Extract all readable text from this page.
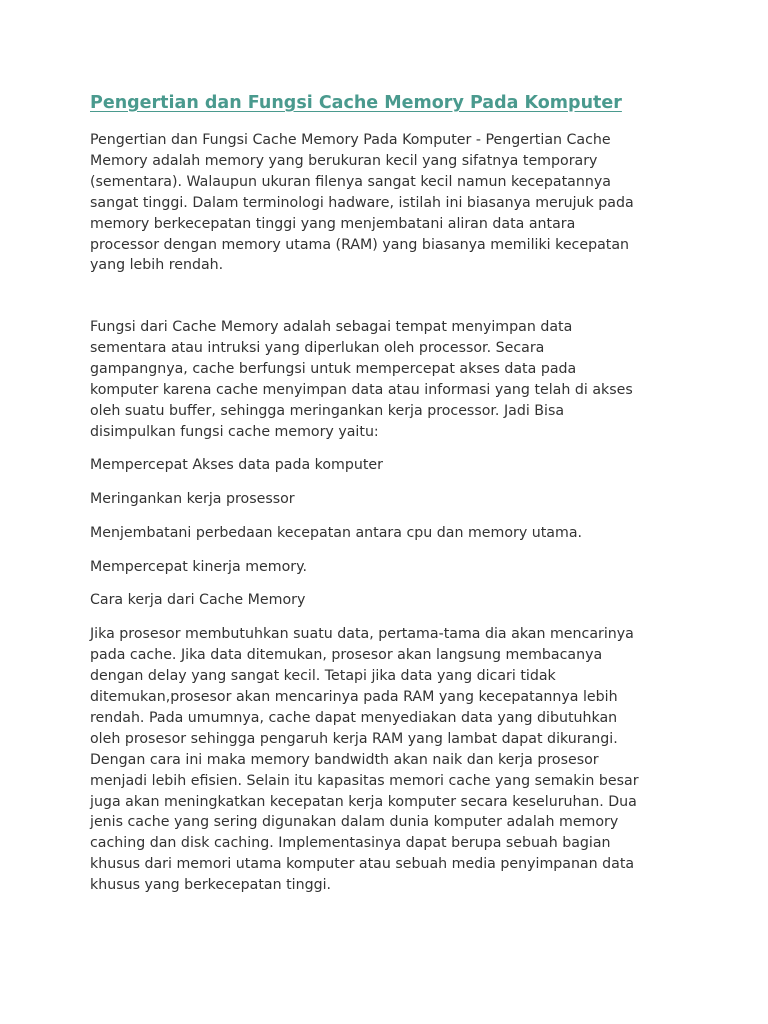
Pengertian dan Fungsi Cache Memory Pada Komputer
Pengertian dan Fungsi Cache Memory Pada Komputer - Pengertian Cache
Memory adalah memory yang berukuran kecil yang sifatnya temporary
(sementara). Walaupun ukuran filenya sangat kecil namun kecepatannya
sangat tinggi. Dalam terminologi hadware, istilah ini biasanya merujuk pada
memory berkecepatan tinggi yang menjembatani aliran data antara
processor dengan memory utama (RAM) yang biasanya memiliki kecepatan
yang lebih rendah.
Fungsi dari Cache Memory adalah sebagai tempat menyimpan data
sementara atau intruksi yang diperlukan oleh processor. Secara
gampangnya, cache berfungsi untuk mempercepat akses data pada
komputer karena cache menyimpan data atau informasi yang telah di akses
oleh suatu buffer, sehingga meringankan kerja processor. Jadi Bisa
disimpulkan fungsi cache memory yaitu:
Mempercepat Akses data pada komputer
Meringankan kerja prosessor
Menjembatani perbedaan kecepatan antara cpu dan memory utama.
Mempercepat kinerja memory.
Cara kerja dari Cache Memory
Jika prosesor membutuhkan suatu data, pertama-tama dia akan mencarinya
pada cache. Jika data ditemukan, prosesor akan langsung membacanya
dengan delay yang sangat kecil. Tetapi jika data yang dicari tidak
ditemukan,prosesor akan mencarinya pada RAM yang kecepatannya lebih
rendah. Pada umumnya, cache dapat menyediakan data yang dibutuhkan
oleh prosesor sehingga pengaruh kerja RAM yang lambat dapat dikurangi.
Dengan cara ini maka memory bandwidth akan naik dan kerja prosesor
menjadi lebih efisien. Selain itu kapasitas memori cache yang semakin besar
juga akan meningkatkan kecepatan kerja komputer secara keseluruhan. Dua
jenis cache yang sering digunakan dalam dunia komputer adalah memory
caching dan disk caching. Implementasinya dapat berupa sebuah bagian
khusus dari memori utama komputer atau sebuah media penyimpanan data
khusus yang berkecepatan tinggi.
